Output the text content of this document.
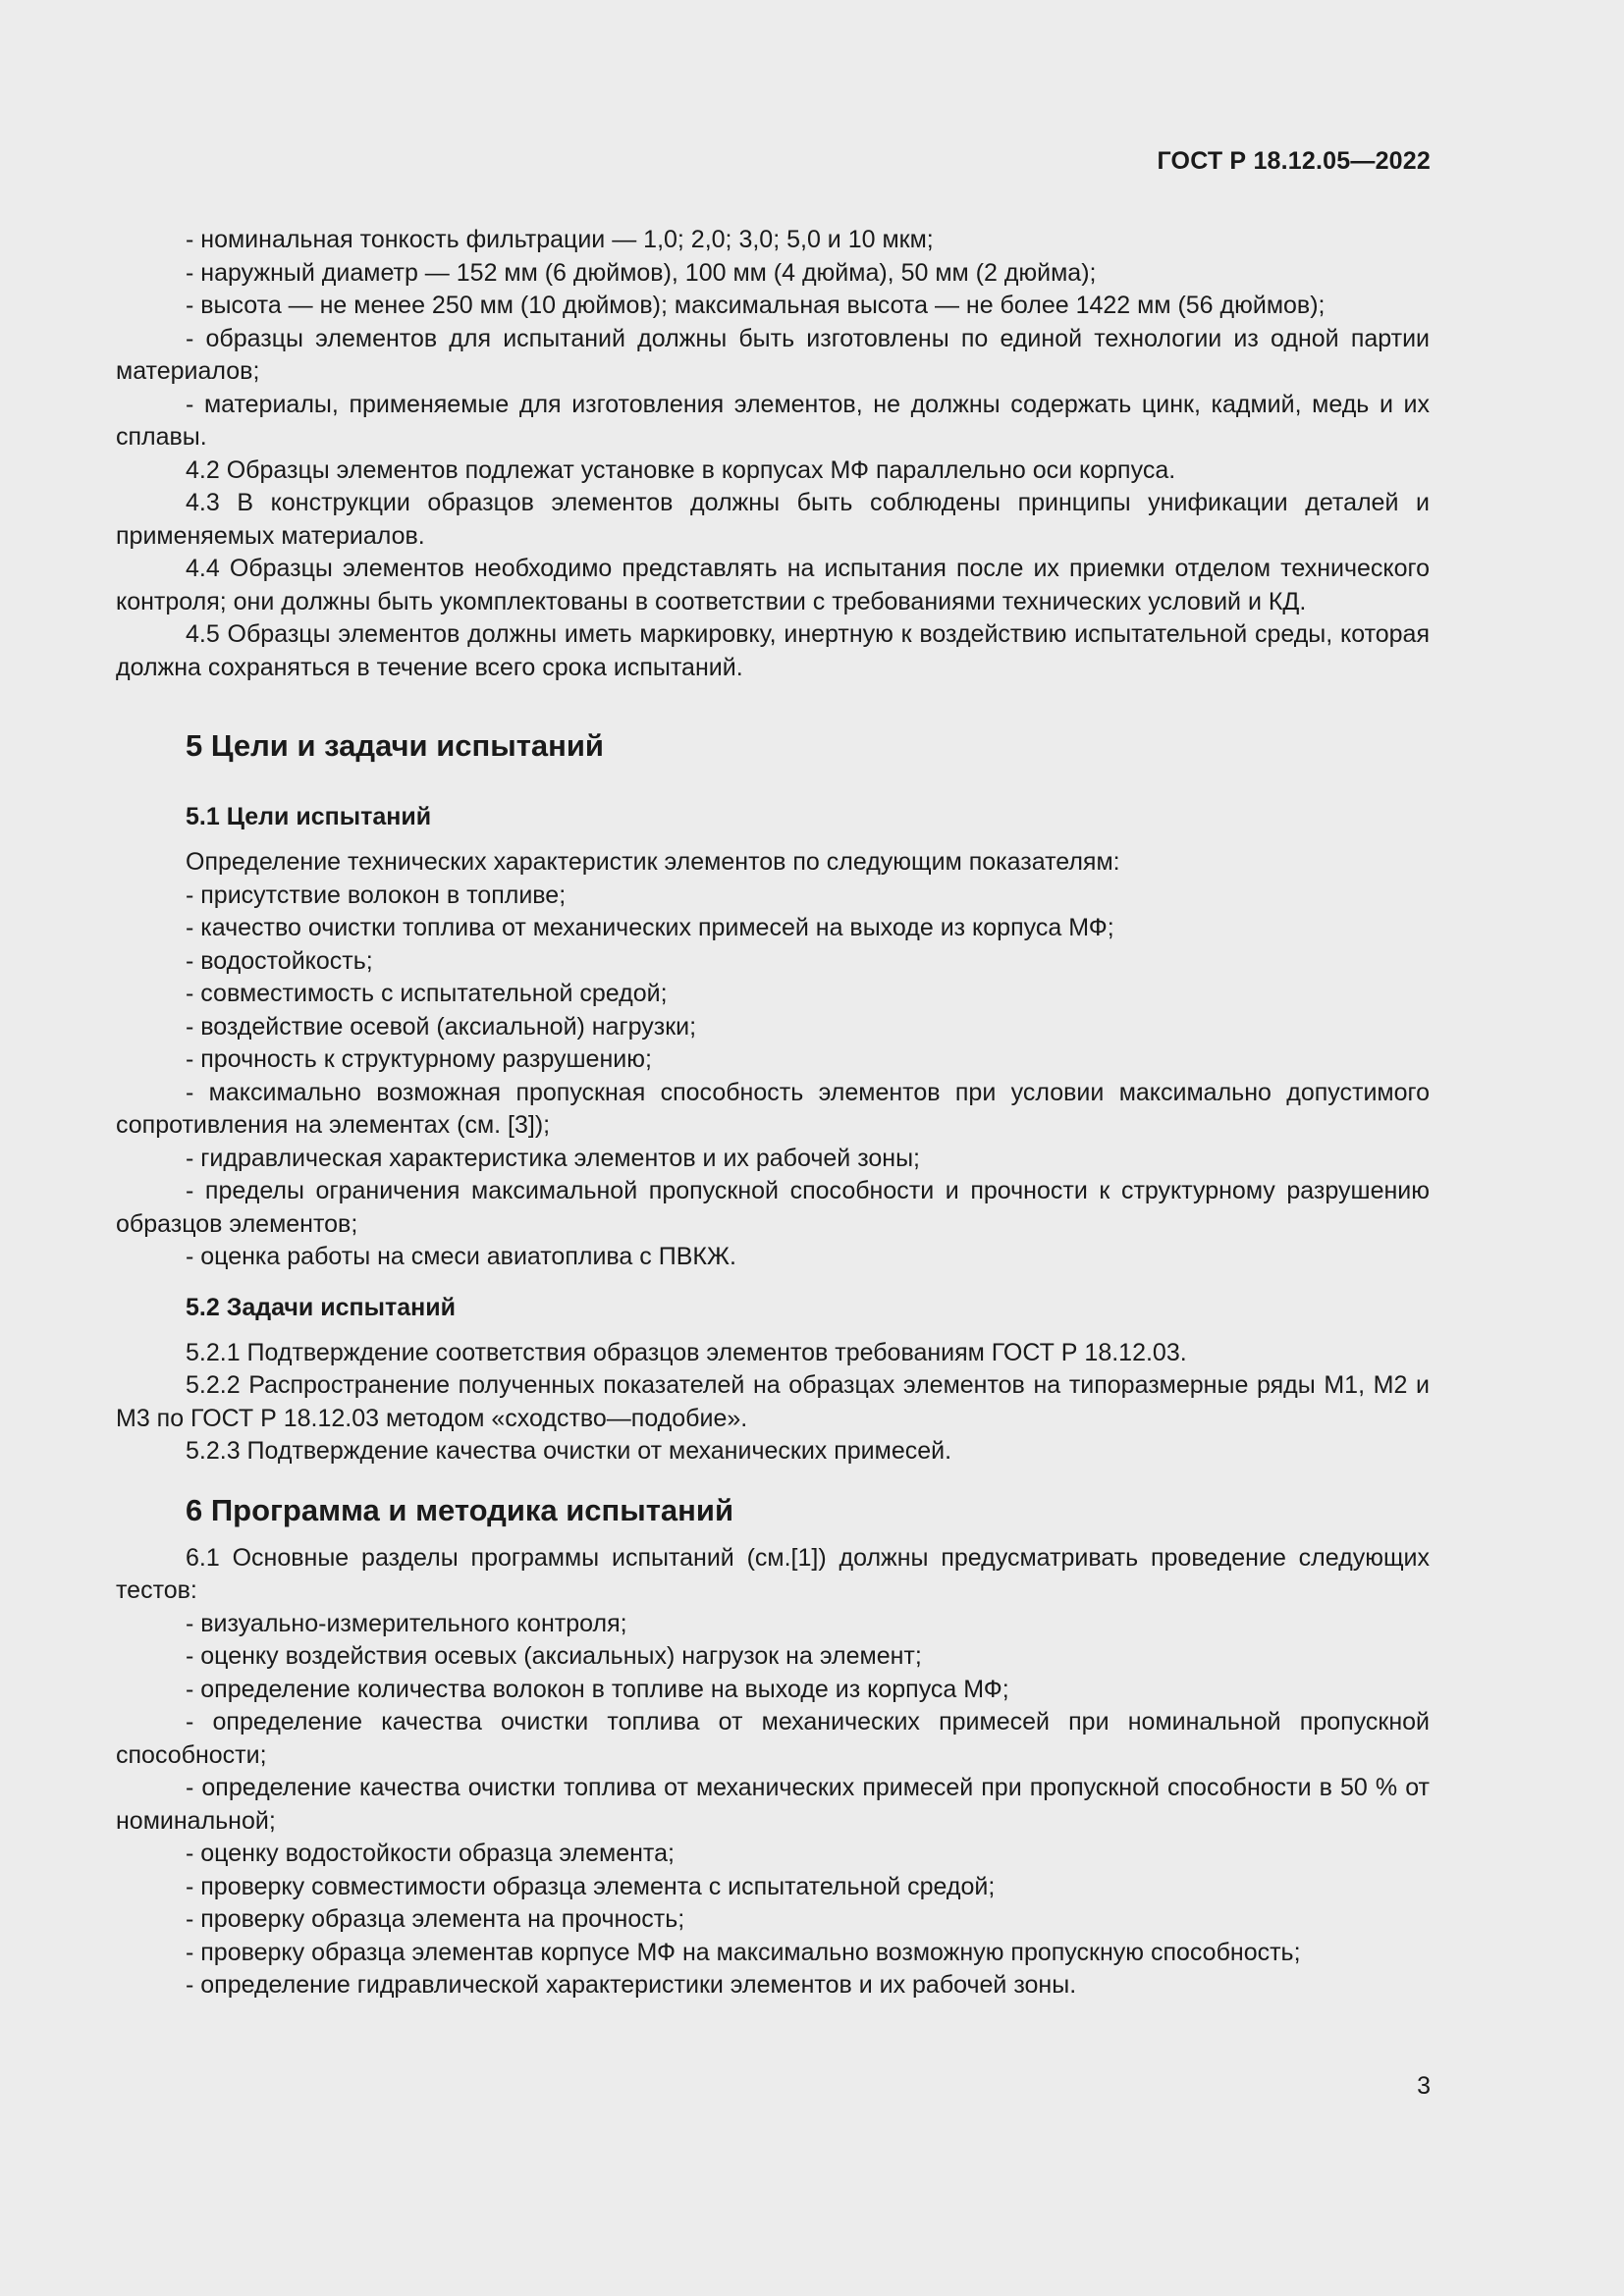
ГОСТ Р 18.12.05—2022

- номинальная тонкость фильтрации — 1,0; 2,0; 3,0; 5,0 и 10 мкм;

- наружный диаметр — 152 мм (6 дюймов), 100 мм (4 дюйма), 50 мм (2 дюйма);

- высота — не менее 250 мм (10 дюймов); максимальная высота — не более 1422 мм (56 дюймов);

- образцы элементов для испытаний должны быть изготовлены по единой технологии из одной партии материалов;

- материалы, применяемые для изготовления элементов, не должны содержать цинк, кадмий, медь и их сплавы.

4.2 Образцы элементов подлежат установке в корпусах МФ параллельно оси корпуса.

4.3 В конструкции образцов элементов должны быть соблюдены принципы унификации деталей и применяемых материалов.

4.4 Образцы элементов необходимо представлять на испытания после их приемки отделом технического контроля; они должны быть укомплектованы в соответствии с требованиями технических условий и КД.

4.5 Образцы элементов должны иметь маркировку, инертную к воздействию испытательной среды, которая должна сохраняться в течение всего срока испытаний.

5 Цели и задачи испытаний
5.1 Цели испытаний

Определение технических характеристик элементов по следующим показателям:

- присутствие волокон в топливе;

- качество очистки топлива от механических примесей на выходе из корпуса МФ;

- водостойкость;

- совместимость с испытательной средой;

- воздействие осевой (аксиальной) нагрузки;

- прочность к структурному разрушению;

- максимально возможная пропускная способность элементов при условии максимально допустимого сопротивления на элементах (см. [3]);

- гидравлическая характеристика элементов и их рабочей зоны;

- пределы ограничения максимальной пропускной способности и прочности к структурному разрушению образцов элементов;

- оценка работы на смеси авиатоплива с ПВКЖ.

5.2 Задачи испытаний

5.2.1 Подтверждение соответствия образцов элементов требованиям ГОСТ Р 18.12.03.

5.2.2 Распространение полученных показателей на образцах элементов на типоразмерные ряды М1, М2 и М3 по ГОСТ Р 18.12.03 методом «сходство—подобие».

5.2.3 Подтверждение качества очистки от механических примесей.

6 Программа и методика испытаний

6.1 Основные разделы программы испытаний (см.[1]) должны предусматривать проведение следующих тестов:

- визуально-измерительного контроля;

- оценку воздействия осевых (аксиальных) нагрузок на элемент;

- определение количества волокон в топливе на выходе из корпуса МФ;

- определение качества очистки топлива от механических примесей при номинальной пропускной способности;

- определение качества очистки топлива от механических примесей при пропускной способности в 50 % от номинальной;

- оценку водостойкости образца элемента;

- проверку совместимости образца элемента с испытательной средой;

- проверку образца элемента на прочность;

- проверку образца элементав корпусе МФ на максимально возможную пропускную способность;

- определение гидравлической характеристики элементов и их рабочей зоны.

3
